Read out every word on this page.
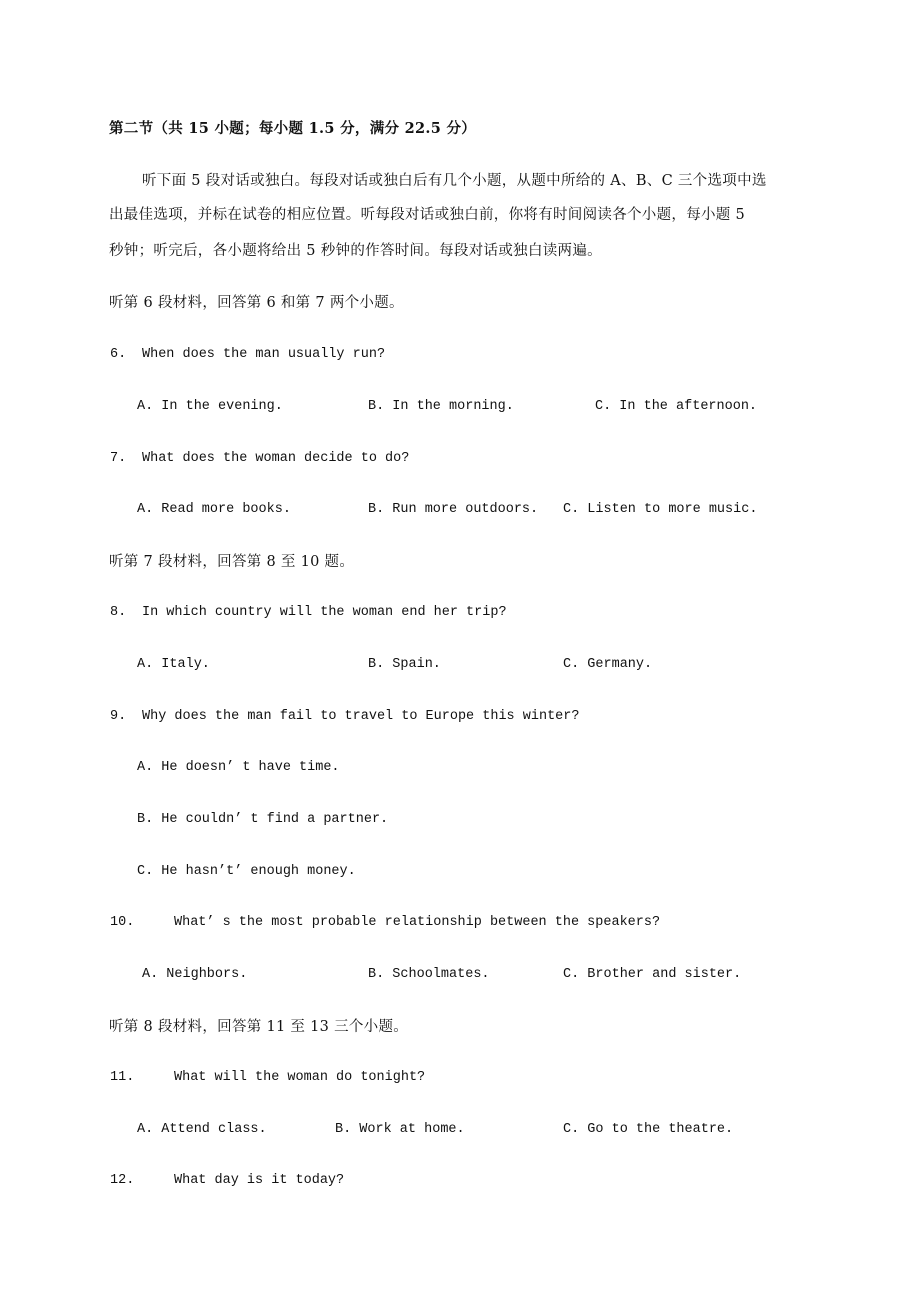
第二节（共 15 小题；每小题 1.5 分，满分 22.5 分）
听下面 5 段对话或独白。每段对话或独白后有几个小题，从题中所给的 A、B、C 三个选项中选
出最佳选项，并标在试卷的相应位置。听每段对话或独白前，你将有时间阅读各个小题，每小题 5
秒钟；听完后，各小题将给出 5 秒钟的作答时间。每段对话或独白读两遍。
听第 6 段材料，回答第 6 和第 7 两个小题。
6. When does the man usually run?
A. In the evening.	B. In the morning.	C. In the afternoon.
7. What does the woman decide to do?
A. Read more books.	B. Run more outdoors. C. Listen to more music.
听第 7 段材料，回答第 8 至 10 题。
8. In which country will the woman end her trip?
A. Italy.	B. Spain.	C. Germany.
9. Why does the man fail to travel to Europe this winter?
A. He doesn’ t have time.
B. He couldn’ t find a partner.
C. He hasn’t’ enough money.
10.	What’ s the most probable relationship between the speakers?
A. Neighbors.	B. Schoolmates.	C. Brother and sister.
听第 8 段材料，回答第 11 至 13 三个小题。
11.	What will the woman do tonight?
A. Attend class.	B. Work at home.	C. Go to the theatre.
12.	What day is it today?
